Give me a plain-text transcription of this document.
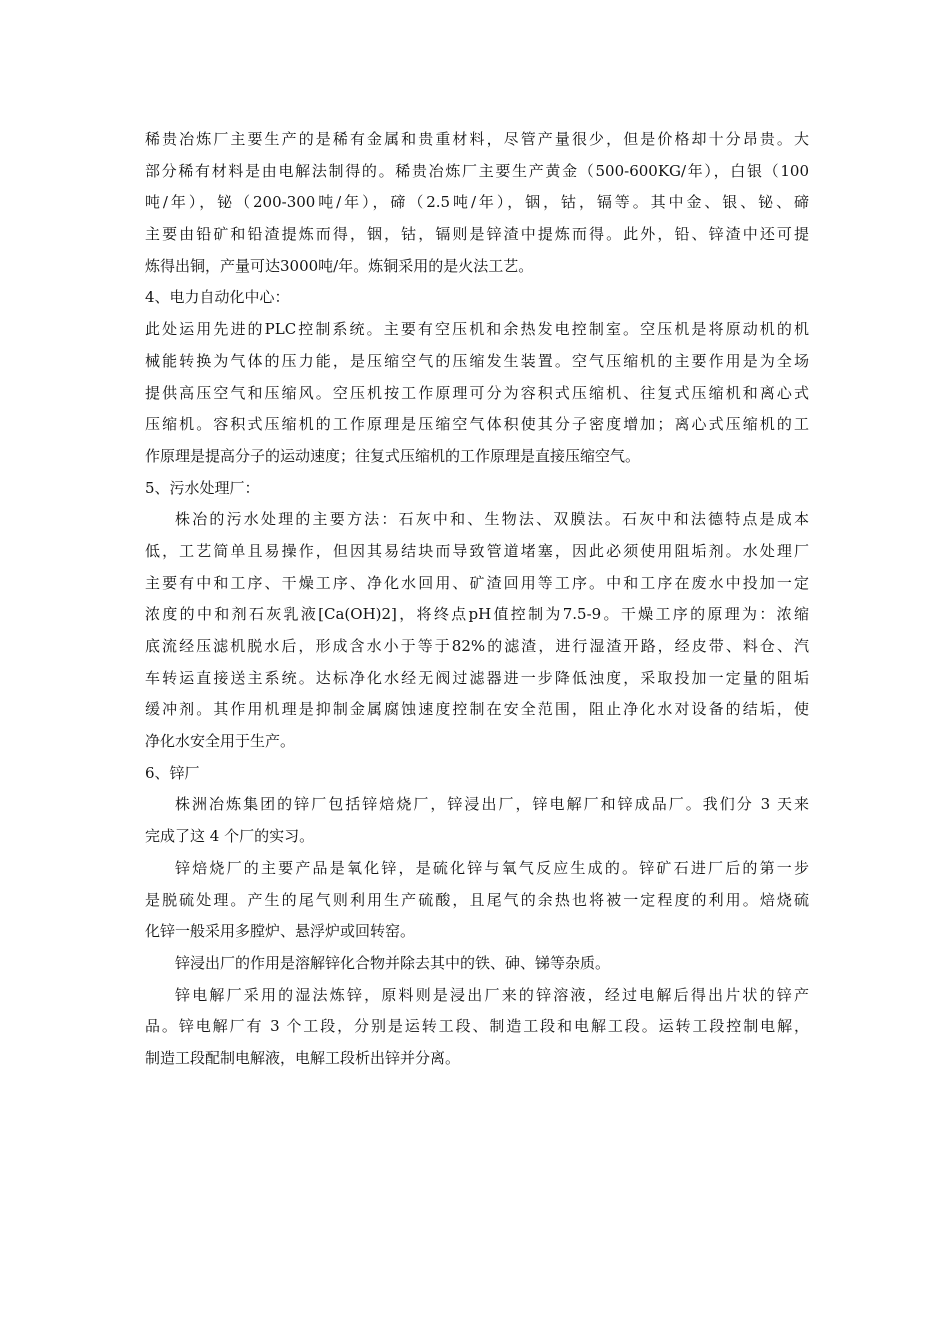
稀贵冶炼厂主要生产的是稀有金属和贵重材料，尽管产量很少，但是价格却十分昂贵。大
部分稀有材料是由电解法制得的。稀贵冶炼厂主要生产黄金（500-600KG/年），白银（100
吨/年），铋（200-300吨/年），碲（2.5吨/年），铟，钴，镉等。其中金、银、铋、碲
主要由铅矿和铅渣提炼而得，铟，钴，镉则是锌渣中提炼而得。此外，铅、锌渣中还可提
炼得出铜，产量可达3000吨/年。炼铜采用的是火法工艺。
4、电力自动化中心：
此处运用先进的PLC控制系统。主要有空压机和余热发电控制室。空压机是将原动机的机
械能转换为气体的压力能，是压缩空气的压缩发生装置。空气压缩机的主要作用是为全场
提供高压空气和压缩风。空压机按工作原理可分为容积式压缩机、往复式压缩机和离心式
压缩机。容积式压缩机的工作原理是压缩空气体积使其分子密度增加；离心式压缩机的工
作原理是提高分子的运动速度；往复式压缩机的工作原理是直接压缩空气。
5、污水处理厂：
株冶的污水处理的主要方法：石灰中和、生物法、双膜法。石灰中和法德特点是成本
低，工艺简单且易操作，但因其易结块而导致管道堵塞，因此必须使用阻垢剂。水处理厂
主要有中和工序、干燥工序、净化水回用、矿渣回用等工序。中和工序在废水中投加一定
浓度的中和剂石灰乳液[Ca(OH)2]，将终点pH值控制为7.5-9。干燥工序的原理为：浓缩
底流经压滤机脱水后，形成含水小于等于82%的滤渣，进行湿渣开路，经皮带、料仓、汽
车转运直接送主系统。达标净化水经无阀过滤器进一步降低浊度，采取投加一定量的阻垢
缓冲剂。其作用机理是抑制金属腐蚀速度控制在安全范围，阻止净化水对设备的结垢，使
净化水安全用于生产。
6、锌厂
株洲冶炼集团的锌厂包括锌焙烧厂，锌浸出厂，锌电解厂和锌成品厂。我们分 3 天来
完成了这 4 个厂的实习。
锌焙烧厂的主要产品是氧化锌，是硫化锌与氧气反应生成的。锌矿石进厂后的第一步
是脱硫处理。产生的尾气则利用生产硫酸，且尾气的余热也将被一定程度的利用。焙烧硫
化锌一般采用多膛炉、悬浮炉或回转窑。
锌浸出厂的作用是溶解锌化合物并除去其中的铁、砷、锑等杂质。
锌电解厂采用的湿法炼锌，原料则是浸出厂来的锌溶液，经过电解后得出片状的锌产
品。锌电解厂有 3 个工段，分别是运转工段、制造工段和电解工段。运转工段控制电解，
制造工段配制电解液，电解工段析出锌并分离。
